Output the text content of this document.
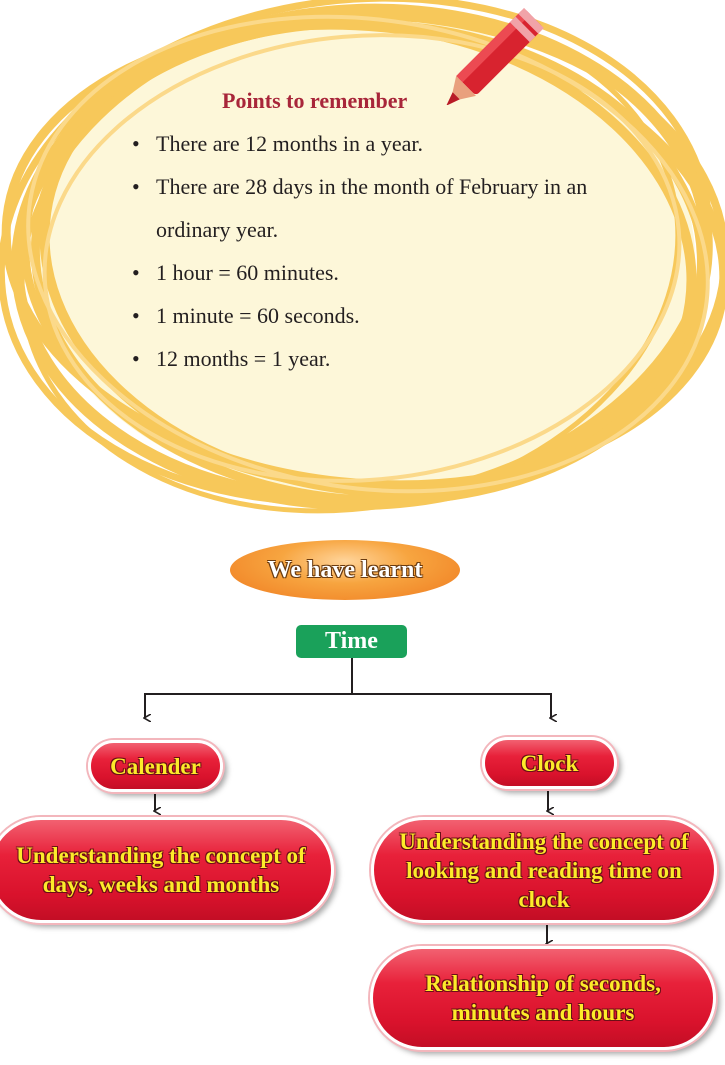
Points to remember
• There are 12 months in a year.
• There are 28 days in the month of February in an ordinary year.
• 1 hour = 60 minutes.
• 1 minute = 60 seconds.
• 12 months = 1 year.
We have learnt
Time
Calender	Clock
Understanding the concept of days, weeks and months
Understanding the concept of looking and reading time on clock
Relationship of seconds, minutes and hours
